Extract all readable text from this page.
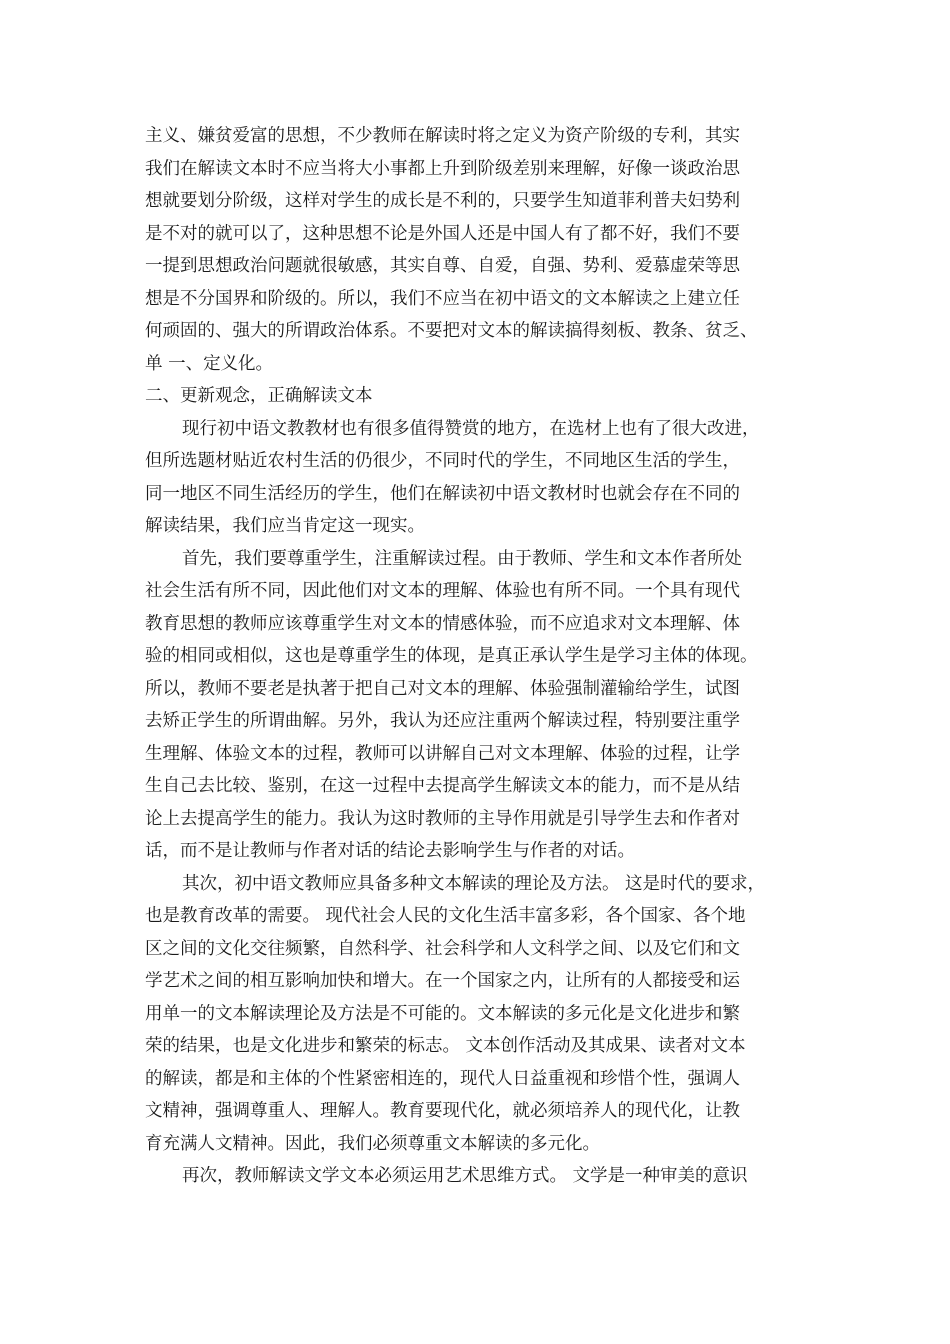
主义、嫌贫爱富的思想，不少教师在解读时将之定义为资产阶级的专利，其实
我们在解读文本时不应当将大小事都上升到阶级差别来理解，好像一谈政治思
想就要划分阶级，这样对学生的成长是不利的，只要学生知道菲利普夫妇势利
是不对的就可以了，这种思想不论是外国人还是中国人有了都不好，我们不要
一提到思想政治问题就很敏感，其实自尊、自爱，自强、势利、爱慕虚荣等思
想是不分国界和阶级的。所以，我们不应当在初中语文的文本解读之上建立任
何顽固的、强大的所谓政治体系。不要把对文本的解读搞得刻板、教条、贫乏、
单 一、定义化。
二、更新观念，正确解读文本
现行初中语文教教材也有很多值得赞赏的地方，在选材上也有了很大改进，
但所选题材贴近农村生活的仍很少，不同时代的学生，不同地区生活的学生，
同一地区不同生活经历的学生，他们在解读初中语文教材时也就会存在不同的
解读结果，我们应当肯定这一现实。
首先，我们要尊重学生，注重解读过程。由于教师、学生和文本作者所处
社会生活有所不同，因此他们对文本的理解、体验也有所不同。一个具有现代
教育思想的教师应该尊重学生对文本的情感体验，而不应追求对文本理解、体
验的相同或相似，这也是尊重学生的体现，是真正承认学生是学习主体的体现。
所以，教师不要老是执著于把自己对文本的理解、体验强制灌输给学生，试图
去矫正学生的所谓曲解。另外，我认为还应注重两个解读过程，特别要注重学
生理解、体验文本的过程，教师可以讲解自己对文本理解、体验的过程，让学
生自己去比较、鉴别，在这一过程中去提高学生解读文本的能力，而不是从结
论上去提高学生的能力。我认为这时教师的主导作用就是引导学生去和作者对
话，而不是让教师与作者对话的结论去影响学生与作者的对话。
其次，初中语文教师应具备多种文本解读的理论及方法。 这是时代的要求，
也是教育改革的需要。 现代社会人民的文化生活丰富多彩，各个国家、各个地
区之间的文化交往频繁，自然科学、社会科学和人文科学之间、以及它们和文
学艺术之间的相互影响加快和增大。在一个国家之内，让所有的人都接受和运
用单一的文本解读理论及方法是不可能的。文本解读的多元化是文化进步和繁
荣的结果，也是文化进步和繁荣的标志。 文本创作活动及其成果、读者对文本
的解读，都是和主体的个性紧密相连的，现代人日益重视和珍惜个性，强调人
文精神，强调尊重人、理解人。教育要现代化，就必须培养人的现代化，让教
育充满人文精神。因此，我们必须尊重文本解读的多元化。
再次，教师解读文学文本必须运用艺术思维方式。 文学是一种审美的意识
